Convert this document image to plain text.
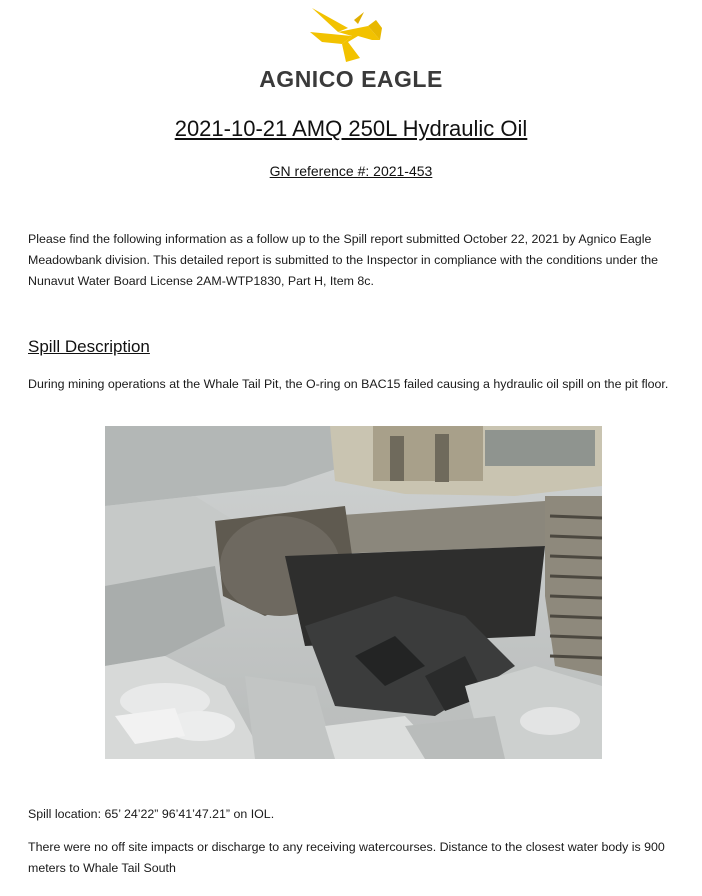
AGNICO EAGLE
2021-10-21 AMQ 250L Hydraulic Oil
GN reference #: 2021-453
Please find the following information as a follow up to the Spill report submitted October 22, 2021 by Agnico Eagle Meadowbank division. This detailed report is submitted to the Inspector in compliance with the conditions under the Nunavut Water Board License 2AM-WTP1830, Part H, Item 8c.
Spill Description
During mining operations at the Whale Tail Pit, the O-ring on BAC15 failed causing a hydraulic oil spill on the pit floor.
Spill location: 65’ 24’22” 96’41’47.21” on IOL.
There were no off site impacts or discharge to any receiving watercourses. Distance to the closest water body is 900 meters to Whale Tail South
